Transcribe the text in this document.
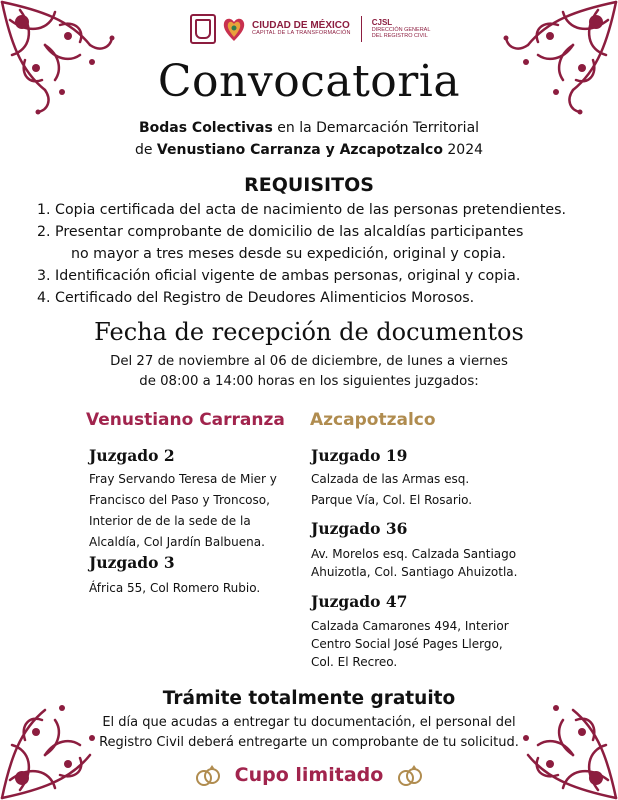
CIUDAD DE MÉXICO
CAPITAL DE LA TRANSFORMACIÓN
CJSL
DIRECCIÓN GENERAL
DEL REGISTRO CIVIL
Convocatoria
Bodas Colectivas en la Demarcación Territorial
de Venustiano Carranza y Azcapotzalco 2024
REQUISITOS
1. Copia certificada del acta de nacimiento de las personas pretendientes.
2. Presentar comprobante de domicilio de las alcaldías participantes
no mayor a tres meses desde su expedición, original y copia.
3. Identificación oficial vigente de ambas personas, original y copia.
4. Certificado del Registro de Deudores Alimenticios Morosos.
Fecha de recepción de documentos
Del 27 de noviembre al 06 de diciembre, de lunes a viernes
de 08:00 a 14:00 horas en los siguientes juzgados:
Venustiano Carranza Azcapotzalco
Juzgado 2
Fray Servando Teresa de Mier y
Francisco del Paso y Troncoso,
Interior de de la sede de la
Alcaldía, Col Jardín Balbuena.
Juzgado 3
África 55, Col Romero Rubio.
Juzgado 19
Calzada de las Armas esq.
Parque Vía, Col. El Rosario.
Juzgado 36
Av. Morelos esq. Calzada Santiago
Ahuizotla, Col. Santiago Ahuizotla.
Juzgado 47
Calzada Camarones 494, Interior
Centro Social José Pages Llergo,
Col. El Recreo.
Trámite totalmente gratuito
El día que acudas a entregar tu documentación, el personal del
Registro Civil deberá entregarte un comprobante de tu solicitud.
Cupo limitado
